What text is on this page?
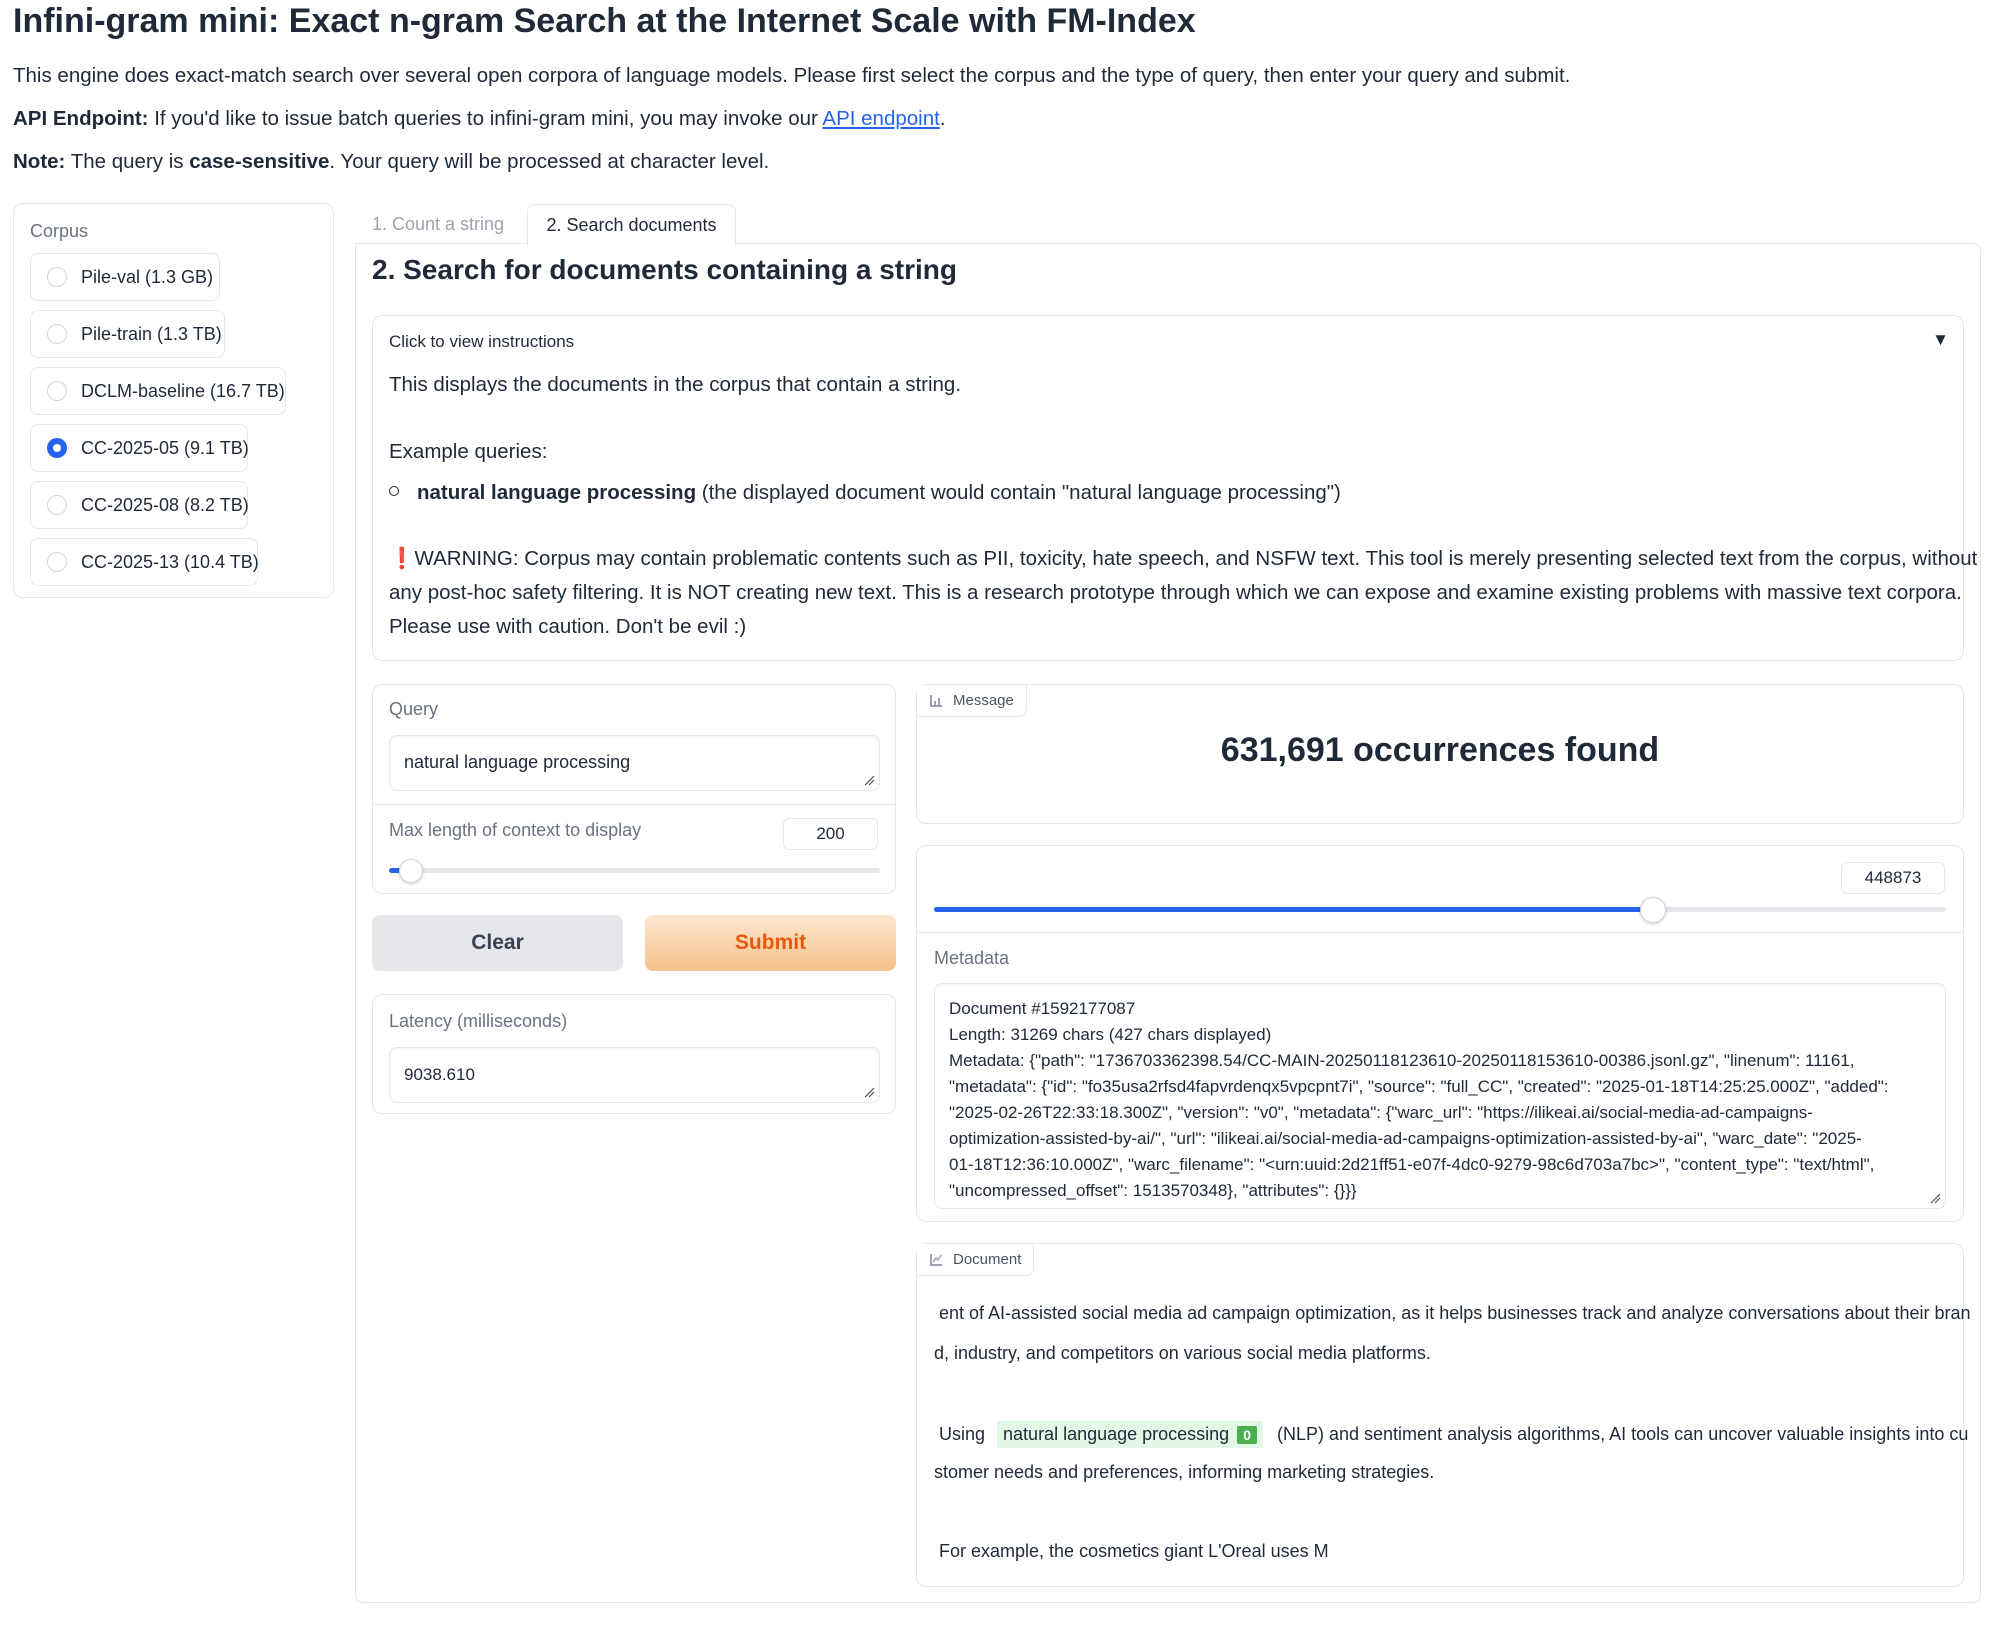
Infini-gram mini: Exact n-gram Search at the Internet Scale with FM-Index
This engine does exact-match search over several open corpora of language models. Please first select the corpus and the type of query, then enter your query and submit.
API Endpoint: If you'd like to issue batch queries to infini-gram mini, you may invoke our API endpoint.
Note: The query is case-sensitive. Your query will be processed at character level.
Corpus
Pile-val (1.3 GB)
Pile-train (1.3 TB)
DCLM-baseline (16.7 TB)
CC-2025-05 (9.1 TB)
CC-2025-08 (8.2 TB)
CC-2025-13 (10.4 TB)
1. Count a string	2. Search documents
2. Search for documents containing a string
Click to view instructions	▼
This displays the documents in the corpus that contain a string.
Example queries:
natural language processing (the displayed document would contain "natural language processing")
❗WARNING: Corpus may contain problematic contents such as PII, toxicity, hate speech, and NSFW text. This tool is merely presenting selected text from the corpus, without
any post-hoc safety filtering. It is NOT creating new text. This is a research prototype through which we can expose and examine existing problems with massive text corpora.
Please use with caution. Don't be evil :)
Query
natural language processing
Max length of context to display	200
Clear	Submit
Latency (milliseconds)
9038.610
Message
631,691 occurrences found
448873
Metadata
Document #1592177087
Length: 31269 chars (427 chars displayed)
Metadata: {"path": "1736703362398.54/CC-MAIN-20250118123610-20250118153610-00386.jsonl.gz", "linenum": 11161,
"metadata": {"id": "fo35usa2rfsd4fapvrdenqx5vpcpnt7i", "source": "full_CC", "created": "2025-01-18T14:25:25.000Z", "added":
"2025-02-26T22:33:18.300Z", "version": "v0", "metadata": {"warc_url": "https://ilikeai.ai/social-media-ad-campaigns-
optimization-assisted-by-ai/", "url": "ilikeai.ai/social-media-ad-campaigns-optimization-assisted-by-ai", "warc_date": "2025-
01-18T12:36:10.000Z", "warc_filename": "<urn:uuid:2d21ff51-e07f-4dc0-9279-98c6d703a7bc>", "content_type": "text/html",
"uncompressed_offset": 1513570348}, "attributes": {}}}
Document
ent of AI-assisted social media ad campaign optimization, as it helps businesses track and analyze conversations about their bran
d, industry, and competitors on various social media platforms.
Using natural language processing	0	(NLP) and sentiment analysis algorithms, AI tools can uncover valuable insights into cu
stomer needs and preferences, informing marketing strategies.
For example, the cosmetics giant L'Oreal uses M
